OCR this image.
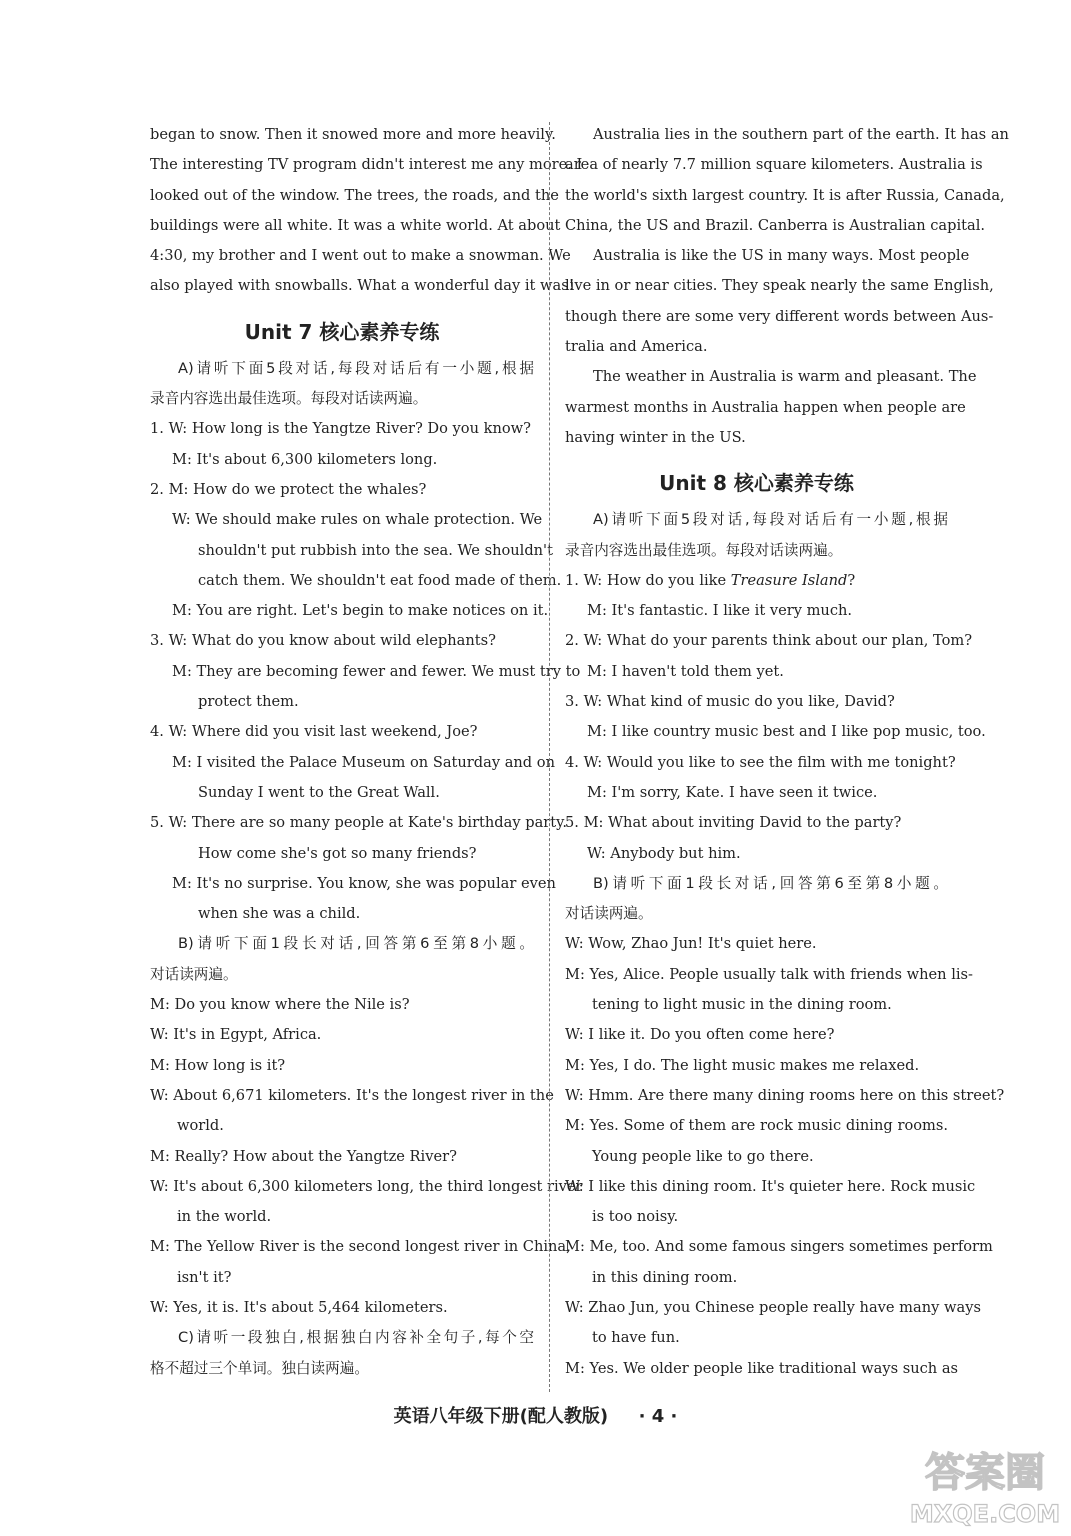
began to snow. Then it snowed more and more heavily.
The interesting TV program didn't interest me any more. I
looked out of the window. The trees, the roads, and the
buildings were all white. It was a white world. At about
4:30, my brother and I went out to make a snowman. We
also played with snowballs. What a wonderful day it was!
Unit 7 核心素养专练
A)请听下面5段对话,每段对话后有一小题,根据
录音内容选出最佳选项。每段对话读两遍。
1. W: How long is the Yangtze River? Do you know?
M: It's about 6,300 kilometers long.
2. M: How do we protect the whales?
W: We should make rules on whale protection. We
shouldn't put rubbish into the sea. We shouldn't
catch them. We shouldn't eat food made of them.
M: You are right. Let's begin to make notices on it.
3. W: What do you know about wild elephants?
M: They are becoming fewer and fewer. We must try to
protect them.
4. W: Where did you visit last weekend, Joe?
M: I visited the Palace Museum on Saturday and on
Sunday I went to the Great Wall.
5. W: There are so many people at Kate's birthday party.
How come she's got so many friends?
M: It's no surprise. You know, she was popular even
when she was a child.
B)请听下面1段长对话,回答第6至第8小题。
对话读两遍。
M: Do you know where the Nile is?
W: It's in Egypt, Africa.
M: How long is it?
W: About 6,671 kilometers. It's the longest river in the
world.
M: Really? How about the Yangtze River?
W: It's about 6,300 kilometers long, the third longest river
in the world.
M: The Yellow River is the second longest river in China,
isn't it?
W: Yes, it is. It's about 5,464 kilometers.
C)请听一段独白,根据独白内容补全句子,每个空
格不超过三个单词。独白读两遍。
Australia lies in the southern part of the earth. It has an
area of nearly 7.7 million square kilometers. Australia is
the world's sixth largest country. It is after Russia, Canada,
China, the US and Brazil. Canberra is Australian capital.
Australia is like the US in many ways. Most people
live in or near cities. They speak nearly the same English,
though there are some very different words between Aus-
tralia and America.
The weather in Australia is warm and pleasant. The
warmest months in Australia happen when people are
having winter in the US.
Unit 8 核心素养专练
A)请听下面5段对话,每段对话后有一小题,根据
录音内容选出最佳选项。每段对话读两遍。
1. W: How do you like Treasure Island?
M: It's fantastic. I like it very much.
2. W: What do your parents think about our plan, Tom?
M: I haven't told them yet.
3. W: What kind of music do you like, David?
M: I like country music best and I like pop music, too.
4. W: Would you like to see the film with me tonight?
M: I'm sorry, Kate. I have seen it twice.
5. M: What about inviting David to the party?
W: Anybody but him.
B)请听下面1段长对话,回答第6至第8小题。
对话读两遍。
W: Wow, Zhao Jun! It's quiet here.
M: Yes, Alice. People usually talk with friends when lis-
tening to light music in the dining room.
W: I like it. Do you often come here?
M: Yes, I do. The light music makes me relaxed.
W: Hmm. Are there many dining rooms here on this street?
M: Yes. Some of them are rock music dining rooms.
Young people like to go there.
W: I like this dining room. It's quieter here. Rock music
is too noisy.
M: Me, too. And some famous singers sometimes perform
in this dining room.
W: Zhao Jun, you Chinese people really have many ways
to have fun.
M: Yes. We older people like traditional ways such as
英语八年级下册(配人教版) · 4 ·
答案圈
MXQE.COM
